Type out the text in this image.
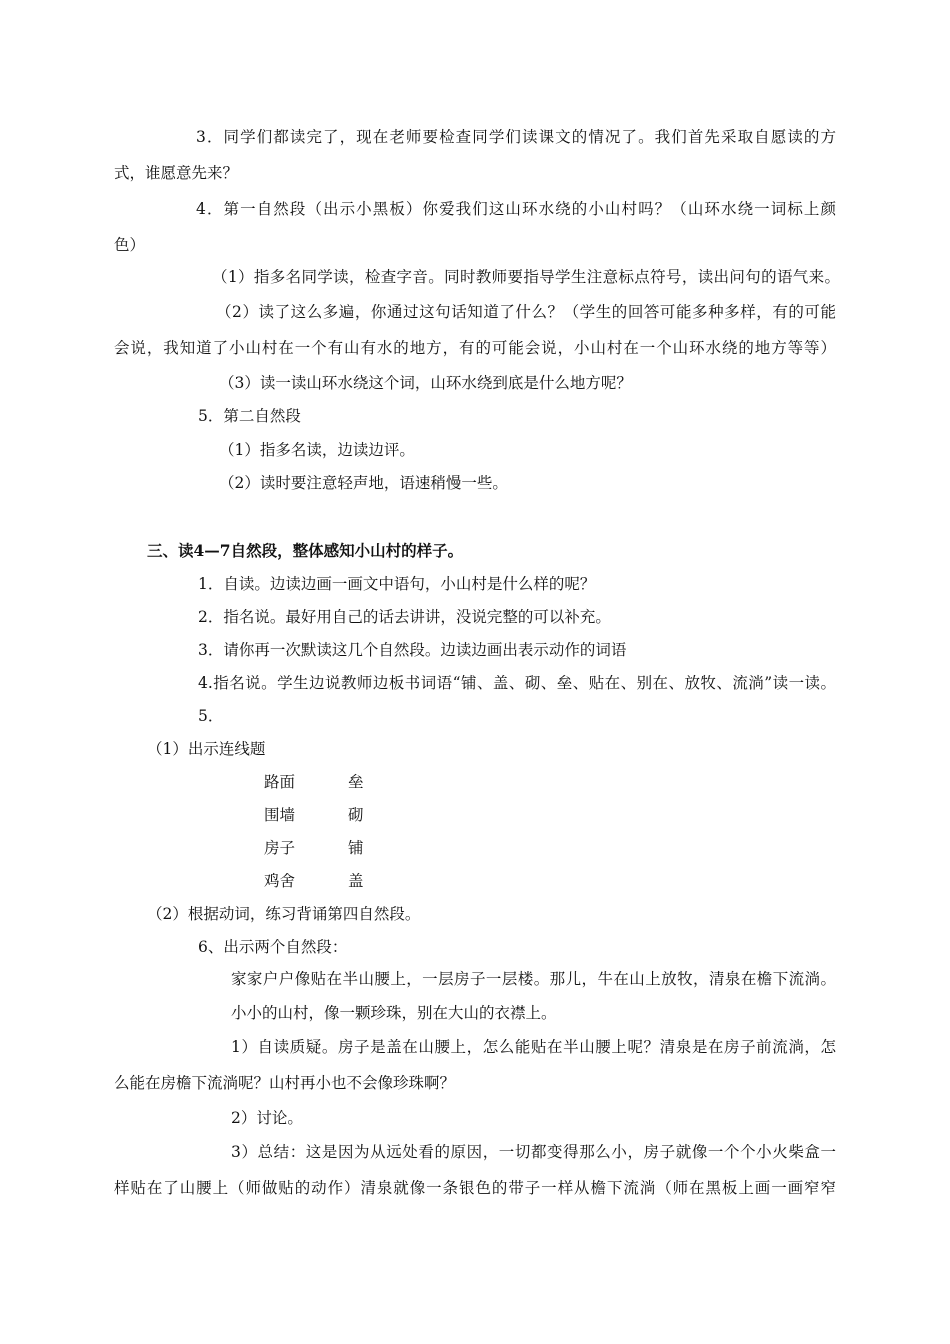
3．同学们都读完了，现在老师要检查同学们读课文的情况了。我们首先采取自愿读的方
式，谁愿意先来？
4．第一自然段（出示小黑板）你爱我们这山环水绕的小山村吗？（山环水绕一词标上颜
色）
（1）指多名同学读，检查字音。同时教师要指导学生注意标点符号，读出问句的语气来。
（2）读了这么多遍，你通过这句话知道了什么？（学生的回答可能多种多样，有的可能
会说，我知道了小山村在一个有山有水的地方，有的可能会说，小山村在一个山环水绕的地方等等）
（3）读一读山环水绕这个词，山环水绕到底是什么地方呢？
5．第二自然段
（1）指多名读，边读边评。
（2）读时要注意轻声地，语速稍慢一些。
三、读4—7自然段，整体感知小山村的样子。
1．自读。边读边画一画文中语句，小山村是什么样的呢？
2．指名说。最好用自己的话去讲讲，没说完整的可以补充。
3．请你再一次默读这几个自然段。边读边画出表示动作的词语
4.指名说。学生边说教师边板书词语“铺、盖、砌、垒、贴在、别在、放牧、流淌”读一读。
5．
（1）出示连线题
路面	垒
围墙	砌
房子	铺
鸡舍	盖
（2）根据动词，练习背诵第四自然段。
6、出示两个自然段：
家家户户像贴在半山腰上，一层房子一层楼。那儿，牛在山上放牧，清泉在檐下流淌。
小小的山村，像一颗珍珠，别在大山的衣襟上。
1）自读质疑。房子是盖在山腰上，怎么能贴在半山腰上呢？清泉是在房子前流淌，怎
么能在房檐下流淌呢？山村再小也不会像珍珠啊？
2）讨论。
3）总结：这是因为从远处看的原因，一切都变得那么小，房子就像一个个小火柴盒一
样贴在了山腰上（师做贴的动作）清泉就像一条银色的带子一样从檐下流淌（师在黑板上画一画窄窄
